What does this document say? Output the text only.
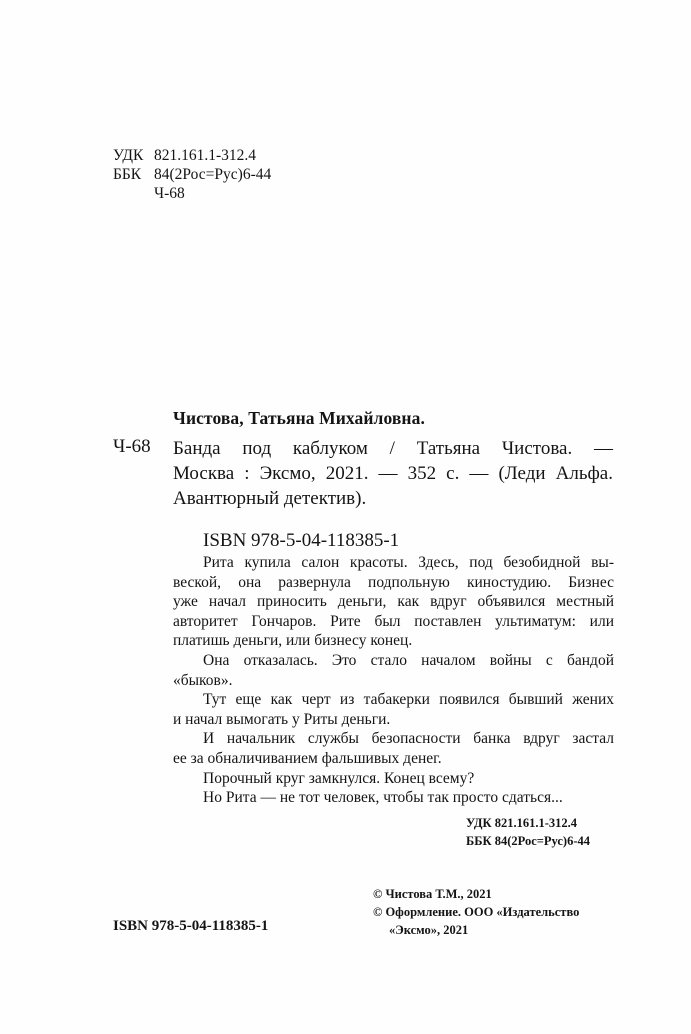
УДК 821.161.1-312.4
ББК 84(2Рос=Рус)6-44
Ч-68
Чистова, Татьяна Михайловна.
Ч-68 Банда под каблуком / Татьяна Чистова. —
Москва : Эксмо, 2021. — 352 с. — (Леди Альфа.
Авантюрный детектив).
ISBN 978-5-04-118385-1
Рита купила салон красоты. Здесь, под безобидной вы-
веской, она развернула подпольную киностудию. Бизнес
уже начал приносить деньги, как вдруг объявился местный
авторитет Гончаров. Рите был поставлен ультиматум: или
платишь деньги, или бизнесу конец.
Она отказалась. Это стало началом войны с бандой
«быков».
Тут еще как черт из табакерки появился бывший жених
и начал вымогать у Риты деньги.
И начальник службы безопасности банка вдруг застал
ее за обналичиванием фальшивых денег.
Порочный круг замкнулся. Конец всему?
Но Рита — не тот человек, чтобы так просто сдаться...
УДК 821.161.1-312.4
ББК 84(2Рос=Рус)6-44
© Чистова Т.М., 2021
© Оформление. ООО «Издательство
«Эксмо», 2021
ISBN 978-5-04-118385-1
